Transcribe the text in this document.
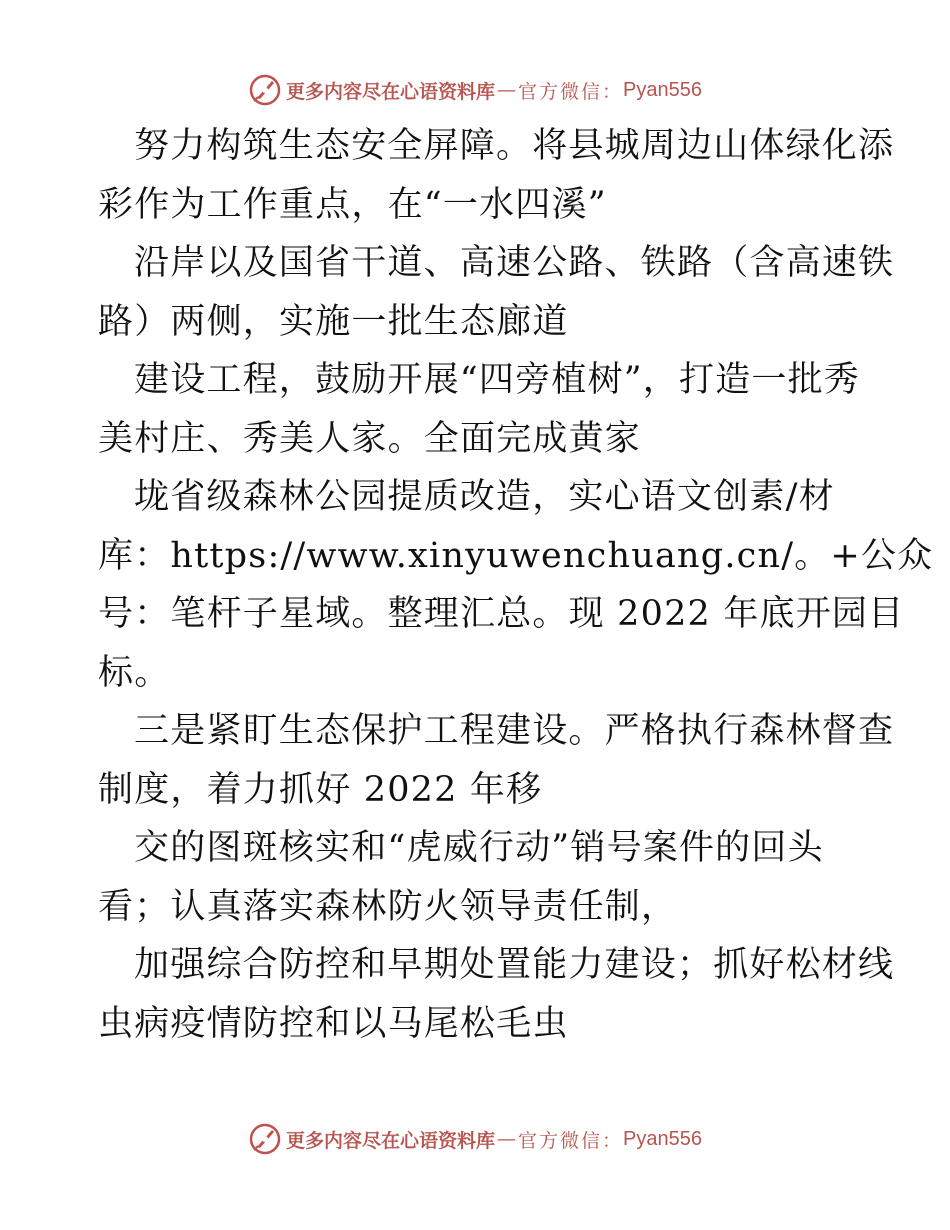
更多内容尽在心语资料库 — 官方微信： Pyan556
努力构筑生态安全屏障。将县城周边山体绿化添
彩作为工作重点，在“一水四溪”
沿岸以及国省干道、高速公路、铁路（含高速铁
路）两侧，实施一批生态廊道
建设工程，鼓励开展“四旁植树”，打造一批秀
美村庄、秀美人家。全面完成黄家
垅省级森林公园提质改造，实心语文创素/材
库：https://www.xinyuwenchuang.cn/。+公众
号：笔杆子星域。整理汇总。现 2022 年底开园目
标。
三是紧盯生态保护工程建设。严格执行森林督查
制度，着力抓好 2022 年移
交的图斑核实和“虎威行动”销号案件的回头
看；认真落实森林防火领导责任制，
加强综合防控和早期处置能力建设；抓好松材线
虫病疫情防控和以马尾松毛虫
更多内容尽在心语资料库 — 官方微信： Pyan556
